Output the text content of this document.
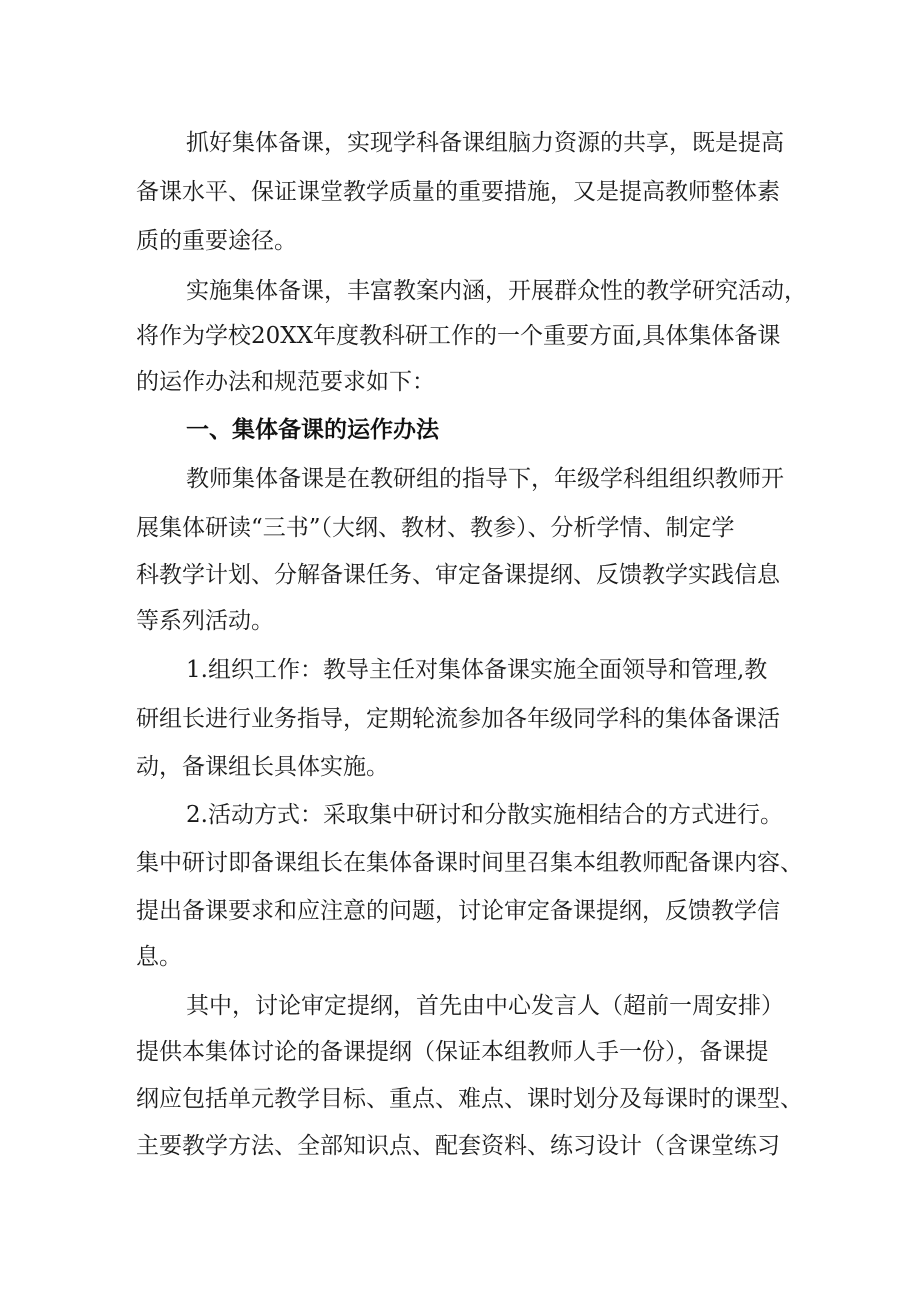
抓好集体备课，实现学科备课组脑力资源的共享，既是提高

备课水平、保证课堂教学质量的重要措施，又是提高教师整体素

质的重要途径。

实施集体备课，丰富教案内涵，开展群众性的教学研究活动，

将作为学校20XX年度教科研工作的一个重要方面,具体集体备课

的运作办法和规范要求如下：

一、集体备课的运作办法

教师集体备课是在教研组的指导下，年级学科组组织教师开

展集体研读“三书”（大纲、教材、教参）、分析学情、制定学

科教学计划、分解备课任务、审定备课提纲、反馈教学实践信息

等系列活动。

1.组织工作：教导主任对集体备课实施全面领导和管理,教

研组长进行业务指导，定期轮流参加各年级同学科的集体备课活

动，备课组长具体实施。

2.活动方式：采取集中研讨和分散实施相结合的方式进行。

集中研讨即备课组长在集体备课时间里召集本组教师配备课内容、

提出备课要求和应注意的问题，讨论审定备课提纲，反馈教学信

息。

其中，讨论审定提纲，首先由中心发言人（超前一周安排）

提供本集体讨论的备课提纲（保证本组教师人手一份），备课提

纲应包括单元教学目标、重点、难点、课时划分及每课时的课型、

主要教学方法、全部知识点、配套资料、练习设计（含课堂练习
